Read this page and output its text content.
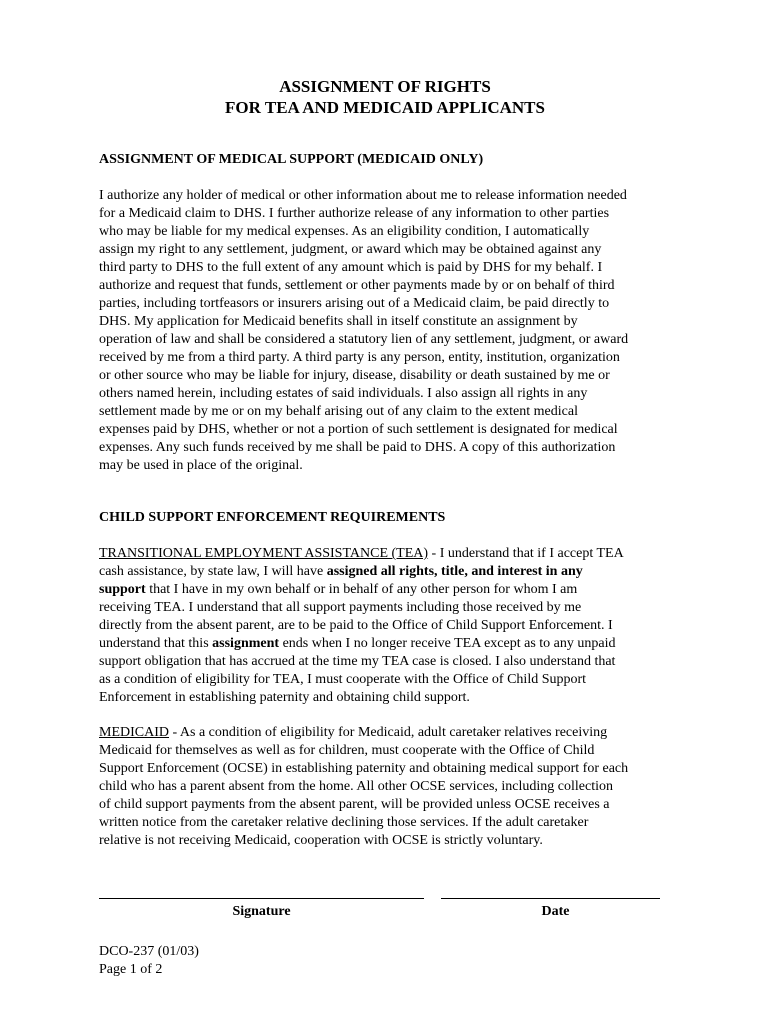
ASSIGNMENT OF RIGHTS
FOR TEA AND MEDICAID APPLICANTS
ASSIGNMENT OF MEDICAL SUPPORT (MEDICAID ONLY)
I authorize any holder of medical or other information about me to release information needed
for a Medicaid claim to DHS. I further authorize release of any information to other parties
who may be liable for my medical expenses. As an eligibility condition, I automatically
assign my right to any settlement, judgment, or award which may be obtained against any
third party to DHS to the full extent of any amount which is paid by DHS for my behalf. I
authorize and request that funds, settlement or other payments made by or on behalf of third
parties, including tortfeasors or insurers arising out of a Medicaid claim, be paid directly to
DHS. My application for Medicaid benefits shall in itself constitute an assignment by
operation of law and shall be considered a statutory lien of any settlement, judgment, or award
received by me from a third party. A third party is any person, entity, institution, organization
or other source who may be liable for injury, disease, disability or death sustained by me or
others named herein, including estates of said individuals. I also assign all rights in any
settlement made by me or on my behalf arising out of any claim to the extent medical
expenses paid by DHS, whether or not a portion of such settlement is designated for medical
expenses. Any such funds received by me shall be paid to DHS. A copy of this authorization
may be used in place of the original.
CHILD SUPPORT ENFORCEMENT REQUIREMENTS
TRANSITIONAL EMPLOYMENT ASSISTANCE (TEA) - I understand that if I accept TEA
cash assistance, by state law, I will have assigned all rights, title, and interest in any
support that I have in my own behalf or in behalf of any other person for whom I am
receiving TEA. I understand that all support payments including those received by me
directly from the absent parent, are to be paid to the Office of Child Support Enforcement. I
understand that this assignment ends when I no longer receive TEA except as to any unpaid
support obligation that has accrued at the time my TEA case is closed. I also understand that
as a condition of eligibility for TEA, I must cooperate with the Office of Child Support
Enforcement in establishing paternity and obtaining child support.
MEDICAID - As a condition of eligibility for Medicaid, adult caretaker relatives receiving
Medicaid for themselves as well as for children, must cooperate with the Office of Child
Support Enforcement (OCSE) in establishing paternity and obtaining medical support for each
child who has a parent absent from the home. All other OCSE services, including collection
of child support payments from the absent parent, will be provided unless OCSE receives a
written notice from the caretaker relative declining those services. If the adult caretaker
relative is not receiving Medicaid, cooperation with OCSE is strictly voluntary.
Signature	Date
DCO-237 (01/03)
Page 1 of 2
